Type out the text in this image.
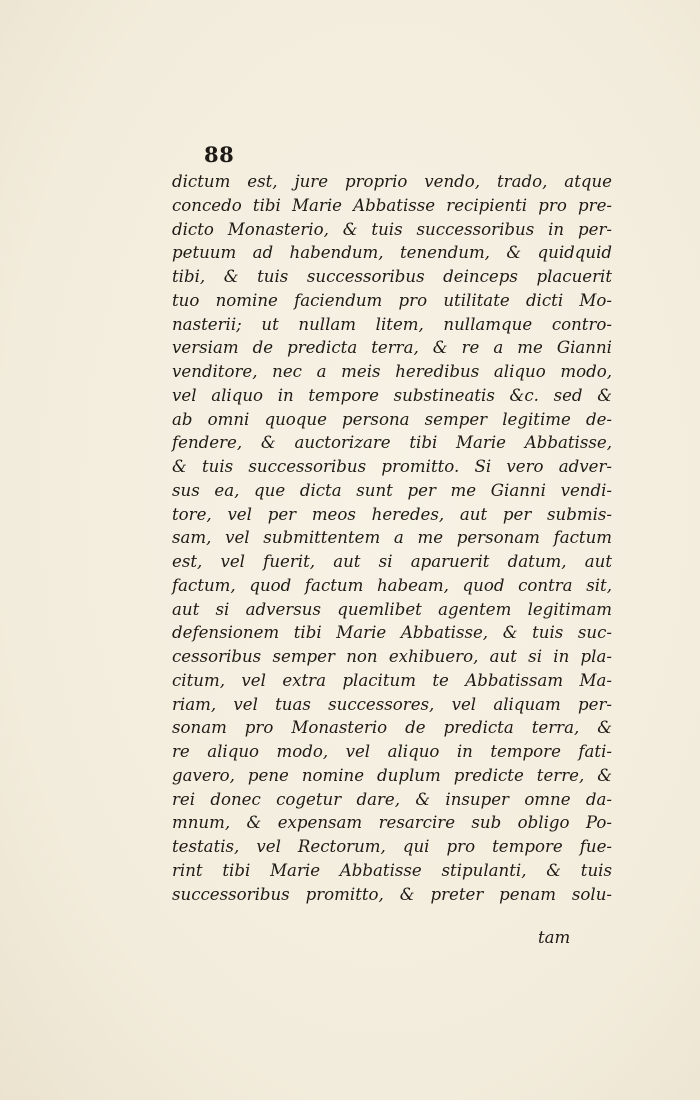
88
dictum est, jure proprio vendo, trado, atque
concedo tibi Marie Abbatisse recipienti pro pre-
dicto Monasterio, & tuis successoribus in per-
petuum ad habendum, tenendum, & quidquid
tibi, & tuis successoribus deinceps placuerit
tuo nomine faciendum pro utilitate dicti Mo-
nasterii; ut nullam litem, nullamque contro-
versiam de predicta terra, & re a me Gianni
venditore, nec a meis heredibus aliquo modo,
vel aliquo in tempore substineatis &c. sed &
ab omni quoque persona semper legitime de-
fendere, & auctorizare tibi Marie Abbatisse,
& tuis successoribus promitto. Si vero adver-
sus ea, que dicta sunt per me Gianni vendi-
tore, vel per meos heredes, aut per submis-
sam, vel submittentem a me personam factum
est, vel fuerit, aut si aparuerit datum, aut
factum, quod factum habeam, quod contra sit,
aut si adversus quemlibet agentem legitimam
defensionem tibi Marie Abbatisse, & tuis suc-
cessoribus semper non exhibuero, aut si in pla-
citum, vel extra placitum te Abbatissam Ma-
riam, vel tuas successores, vel aliquam per-
sonam pro Monasterio de predicta terra, &
re aliquo modo, vel aliquo in tempore fati-
gavero, pene nomine duplum predicte terre, &
rei donec cogetur dare, & insuper omne da-
mnum, & expensam resarcire sub obligo Po-
testatis, vel Rectorum, qui pro tempore fue-
rint tibi Marie Abbatisse stipulanti, & tuis
successoribus promitto, & preter penam solu-
tam
